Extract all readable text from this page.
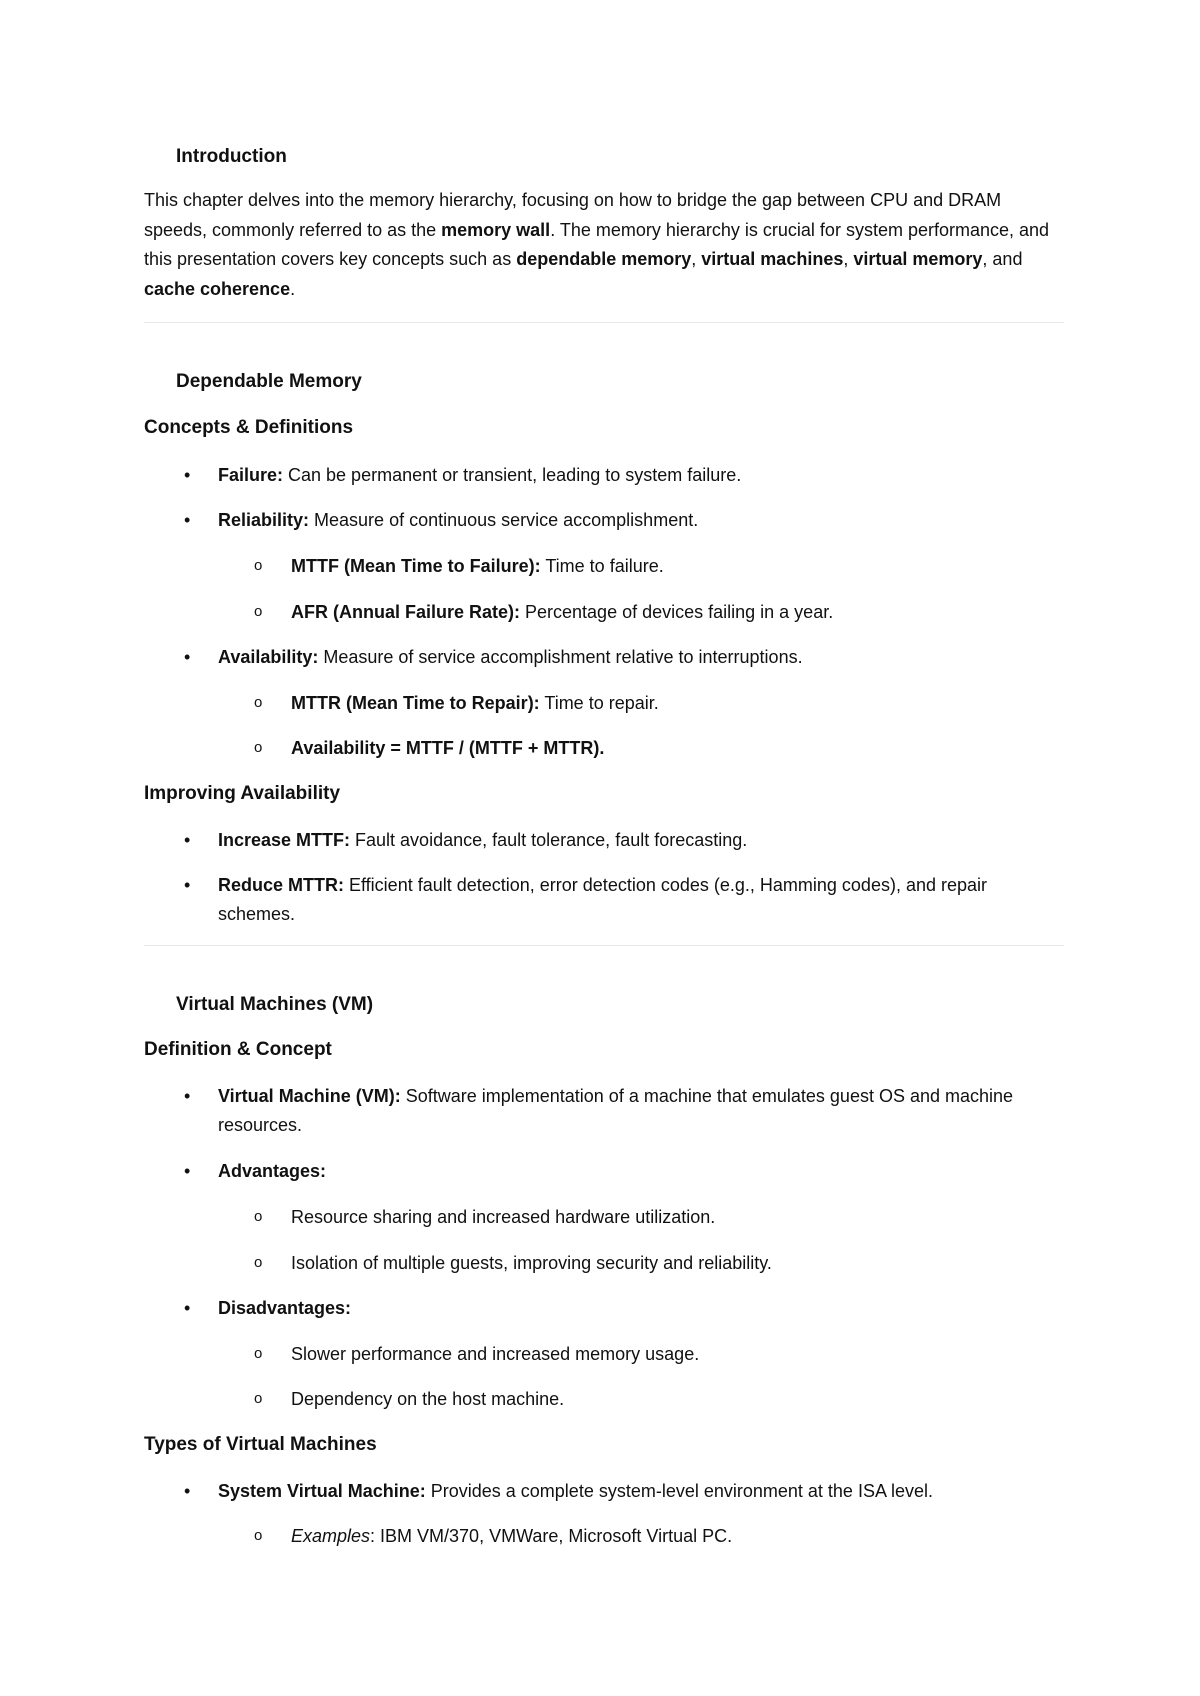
Introduction
This chapter delves into the memory hierarchy, focusing on how to bridge the gap between CPU and DRAM speeds, commonly referred to as the memory wall. The memory hierarchy is crucial for system performance, and this presentation covers key concepts such as dependable memory, virtual machines, virtual memory, and cache coherence.
Dependable Memory
Concepts & Definitions
• Failure: Can be permanent or transient, leading to system failure.
• Reliability: Measure of continuous service accomplishment.
o MTTF (Mean Time to Failure): Time to failure.
o AFR (Annual Failure Rate): Percentage of devices failing in a year.
• Availability: Measure of service accomplishment relative to interruptions.
o MTTR (Mean Time to Repair): Time to repair.
o Availability = MTTF / (MTTF + MTTR).
Improving Availability
• Increase MTTF: Fault avoidance, fault tolerance, fault forecasting.
• Reduce MTTR: Efficient fault detection, error detection codes (e.g., Hamming codes), and repair schemes.
Virtual Machines (VM)
Definition & Concept
• Virtual Machine (VM): Software implementation of a machine that emulates guest OS and machine resources.
• Advantages:
o Resource sharing and increased hardware utilization.
o Isolation of multiple guests, improving security and reliability.
• Disadvantages:
o Slower performance and increased memory usage.
o Dependency on the host machine.
Types of Virtual Machines
• System Virtual Machine: Provides a complete system-level environment at the ISA level.
o Examples: IBM VM/370, VMWare, Microsoft Virtual PC.
